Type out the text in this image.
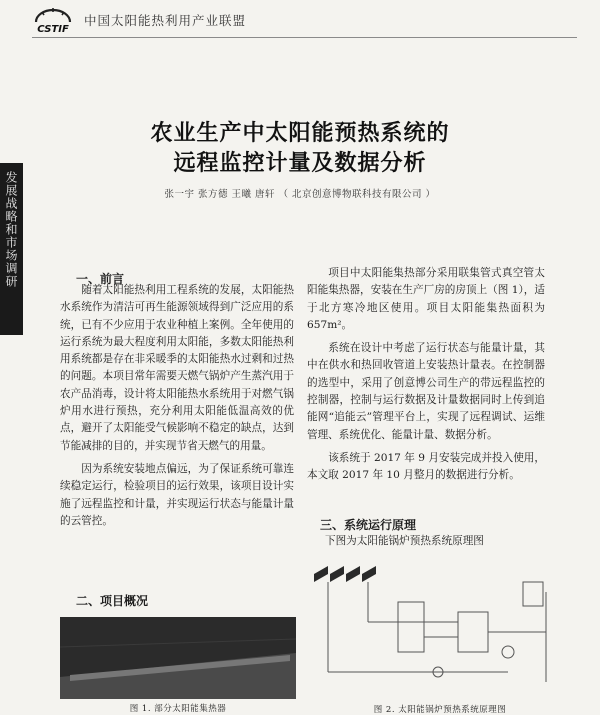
CSTIF
中国太阳能热利用产业联盟
发展战略和市场调研
农业生产中太阳能预热系统的
远程监控计量及数据分析
张一宇 张方德 王曦 唐轩 （ 北京创意博物联科技有限公司 ）
一、前言

随着太阳能热利用工程系统的发展，太阳能热水系统作为清洁可再生能源领域得到广泛应用的系统，已有不少应用于农业种植上案例。全年使用的运行系统为最大程度利用太阳能，多数太阳能热利用系统都是存在非采暖季的太阳能热水过剩和过热的问题。本项目常年需要天燃气锅炉产生蒸汽用于农产品消毒，设计将太阳能热水系统用于对燃气锅炉用水进行预热，充分利用太阳能低温高效的优点，避开了太阳能受气候影响不稳定的缺点，达到节能减排的目的，并实现节省天燃气的用量。

因为系统安装地点偏远，为了保证系统可靠连续稳定运行，检验项目的运行效果，该项目设计实施了远程监控和计量，并实现运行状态与能量计量的云管控。

二、项目概况
图 1. 部分太阳能集热器

项目中太阳能集热部分采用联集管式真空管太阳能集热器，安装在生产厂房的房顶上（图 1），适于北方寒冷地区使用。项目太阳能集热面积为 657m²。

系统在设计中考虑了运行状态与能量计量，其中在供水和热回收管道上安装热计量表。在控制器的选型中，采用了创意博公司生产的带远程监控的控制器，控制与运行数据及计量数据同时上传到追能网“追能云”管理平台上，实现了远程调试、运维管理、系统优化、能量计量、数据分析。

该系统于 2017 年 9 月安装完成并投入使用，本文取 2017 年 10 月整月的数据进行分析。

三、系统运行原理
下图为太阳能锅炉预热系统原理图
图 2. 太阳能锅炉预热系统原理图
